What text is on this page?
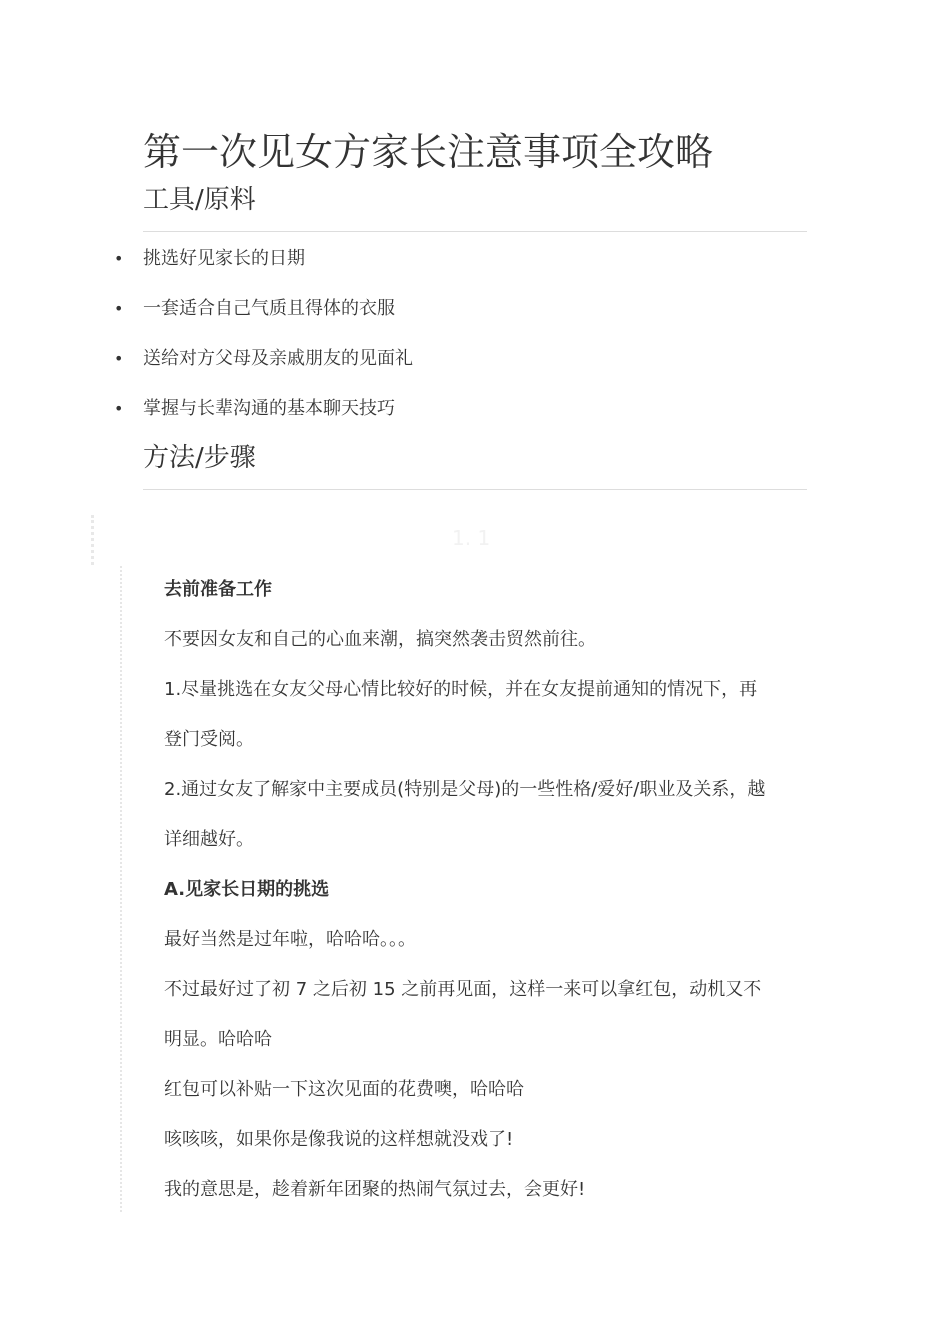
第一次见女方家长注意事项全攻略
工具/原料
• 挑选好见家长的日期
• 一套适合自己气质且得体的衣服
• 送给对方父母及亲戚朋友的见面礼
• 掌握与长辈沟通的基本聊天技巧
方法/步骤
1. 1

去前准备工作

不要因女友和自己的心血来潮，搞突然袭击贸然前往。

1.尽量挑选在女友父母心情比较好的时候，并在女友提前通知的情况下，再

登门受阅。

2.通过女友了解家中主要成员(特别是父母)的一些性格/爱好/职业及关系，越

详细越好。

A.见家长日期的挑选

最好当然是过年啦，哈哈哈。。。

不过最好过了初 7 之后初 15 之前再见面，这样一来可以拿红包，动机又不

明显。哈哈哈

红包可以补贴一下这次见面的花费噢，哈哈哈

咳咳咳，如果你是像我说的这样想就没戏了!

我的意思是，趁着新年团聚的热闹气氛过去，会更好!
